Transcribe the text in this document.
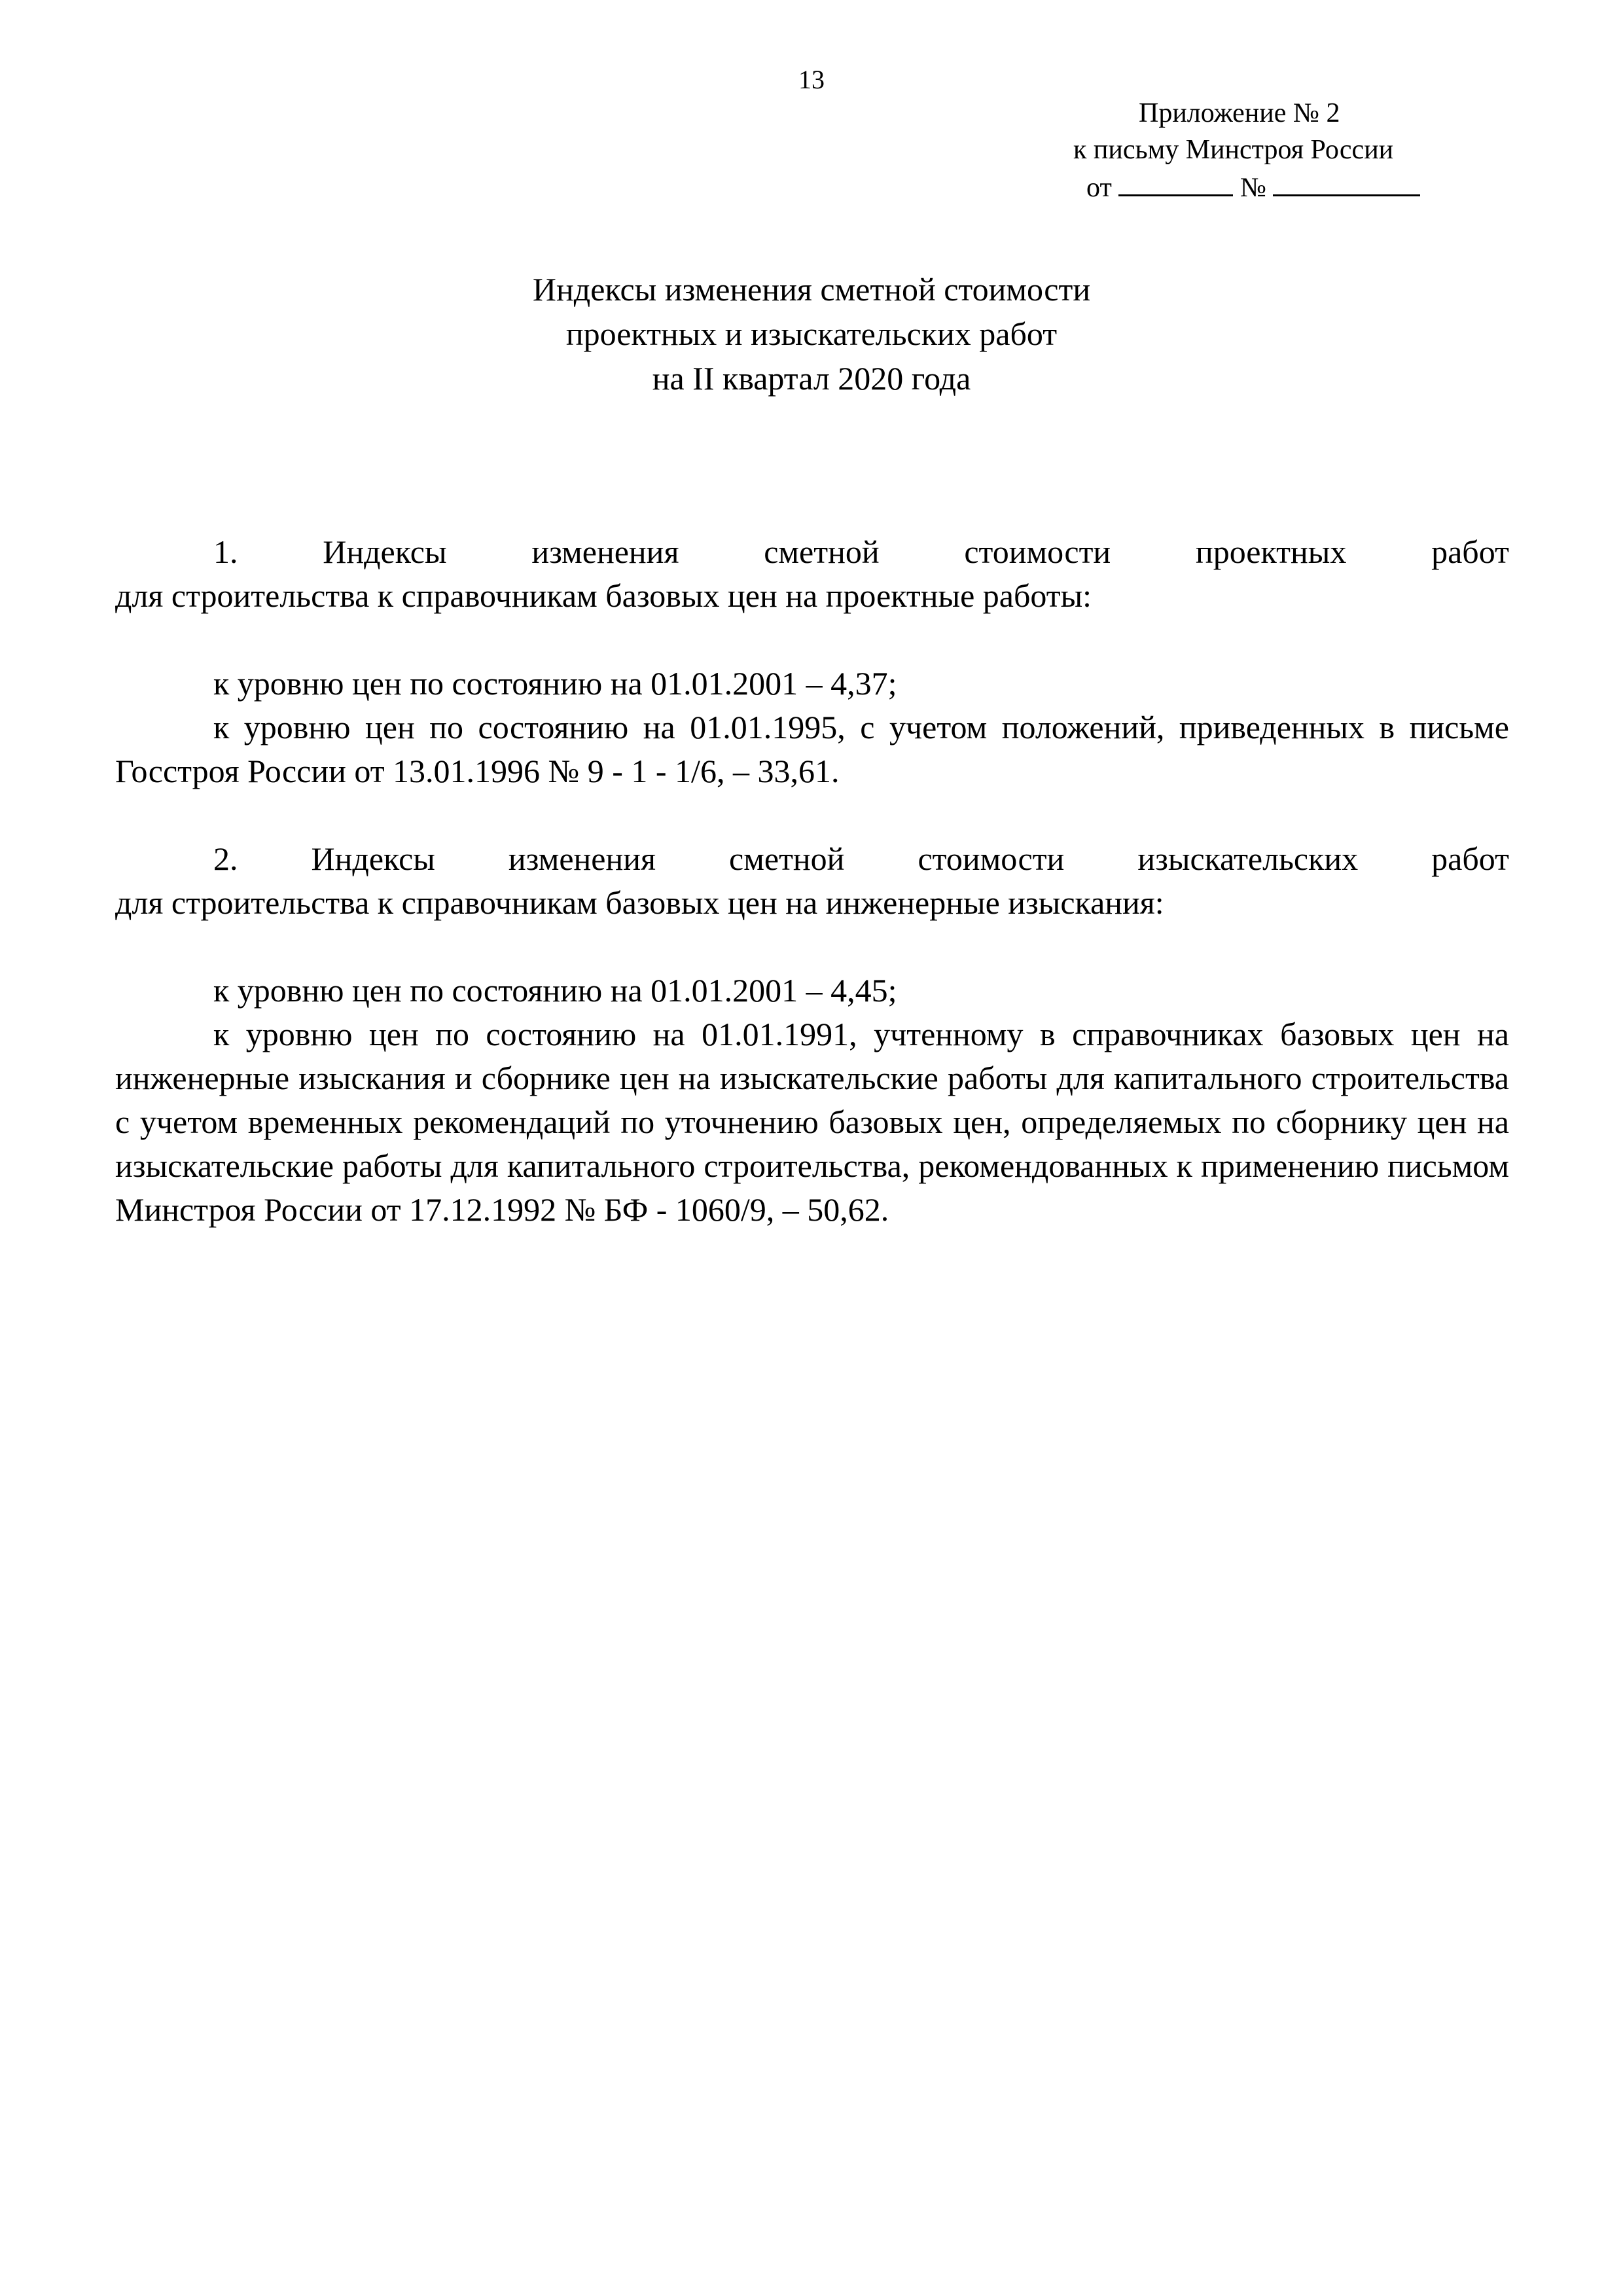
13
Приложение № 2
к письму Минстроя России
от	№
Индексы изменения сметной стоимости
проектных и изыскательских работ
на II квартал 2020 года
1.	Индексы	изменения	сметной	стоимости	проектных	работ

для строительства к справочникам базовых цен на проектные работы:

к уровню цен по состоянию на 01.01.2001 – 4,37;

к уровню цен по состоянию на 01.01.1995, с учетом положений, приведенных в письме Госстроя России от 13.01.1996 № 9 - 1 - 1/6, – 33,61.

2. Индексы изменения сметной стоимости изыскательских работ

для строительства к справочникам базовых цен на инженерные изыскания:

к уровню цен по состоянию на 01.01.2001 – 4,45;

к уровню цен по состоянию на 01.01.1991, учтенному в справочниках базовых цен на инженерные изыскания и сборнике цен на изыскательские работы для капитального строительства с учетом временных рекомендаций по уточнению базовых цен, определяемых по сборнику цен на изыскательские работы для капитального строительства, рекомендованных к применению письмом Минстроя России от 17.12.1992 № БФ - 1060/9, – 50,62.
